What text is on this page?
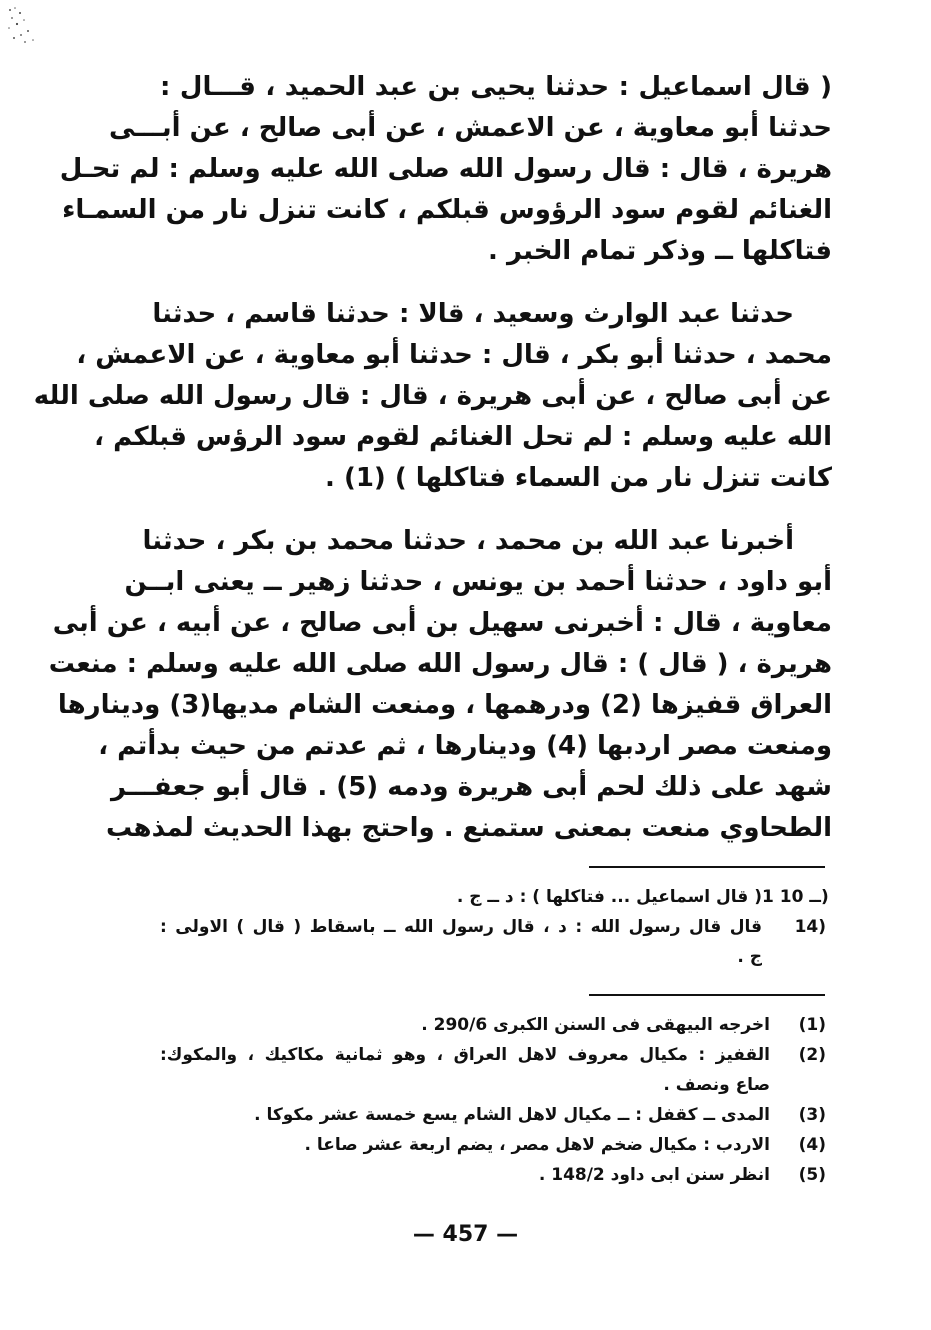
( قال اسماعيل : حدثنا يحيى بن عبد الحميد ، قـــال :
حدثنا أبو معاوية ، عن الاعمش ، عن أبى صالح ، عن أبـــى
هريرة ، قال : قال رسول الله صلى الله عليه وسلم : لم تحـل
الغنائم لقوم سود الرؤوس قبلكم ، كانت تنزل نار من السمـاء
فتاكلها ــ وذكر تمام الخبر .
حدثنا عبد الوارث وسعيد ، قالا : حدثنا قاسم ، حدثنا
محمد ، حدثنا أبو بكر ، قال : حدثنا أبو معاوية ، عن الاعمش ،
عن أبى صالح ، عن أبى هريرة ، قال : قال رسول الله صلى الله
الله عليه وسلم : لم تحل الغنائم لقوم سود الرؤس قبلكم ،
كانت تنزل نار من السماء فتاكلها ) (1) .
أخبرنا عبد الله بن محمد ، حدثنا محمد بن بكر ، حدثنا
أبو داود ، حدثنا أحمد بن يونس ، حدثنا زهير ــ يعنى ابــن
معاوية ، قال : أخبرنى سهيل بن أبى صالح ، عن أبيه ، عن أبى
هريرة ، ( قال ) : قال رسول الله صلى الله عليه وسلم : منعت
العراق قفيزها (2) ودرهمها ، ومنعت الشام مديها(3) ودينارها
ومنعت مصر اردبها (4) ودينارها ، ثم عدتم من حيث بدأتم ،
شهد على ذلك لحم أبى هريرة ودمه (5) . قال أبو جعفـــر
الطحاوي منعت بمعنى ستمنع . واحتج بهذا الحديث لمذهب
1 ــ 10)
( قال اسماعيل ... فتاكلها ) : د ــ ج .
14)
قال قال رسول الله : د ، قال رسول الله ــ باسقاط ( قال ) الاولى :
ج .
(1)
اخرجه البيهقى فى السنن الكبرى 290/6 .
(2)
القفيز : مكيال معروف لاهل العراق ، وهو ثمانية مكاكيك ، والمكوك:
صاع ونصف .
(3)
المدى ــ كقفل : ــ مكيال لاهل الشام يسع خمسة عشر مكوكا .
(4)
الاردب : مكيال ضخم لاهل مصر ، يضم اربعة عشر صاعا .
(5)
انظر سنن ابى داود 148/2 .
— 457 —
